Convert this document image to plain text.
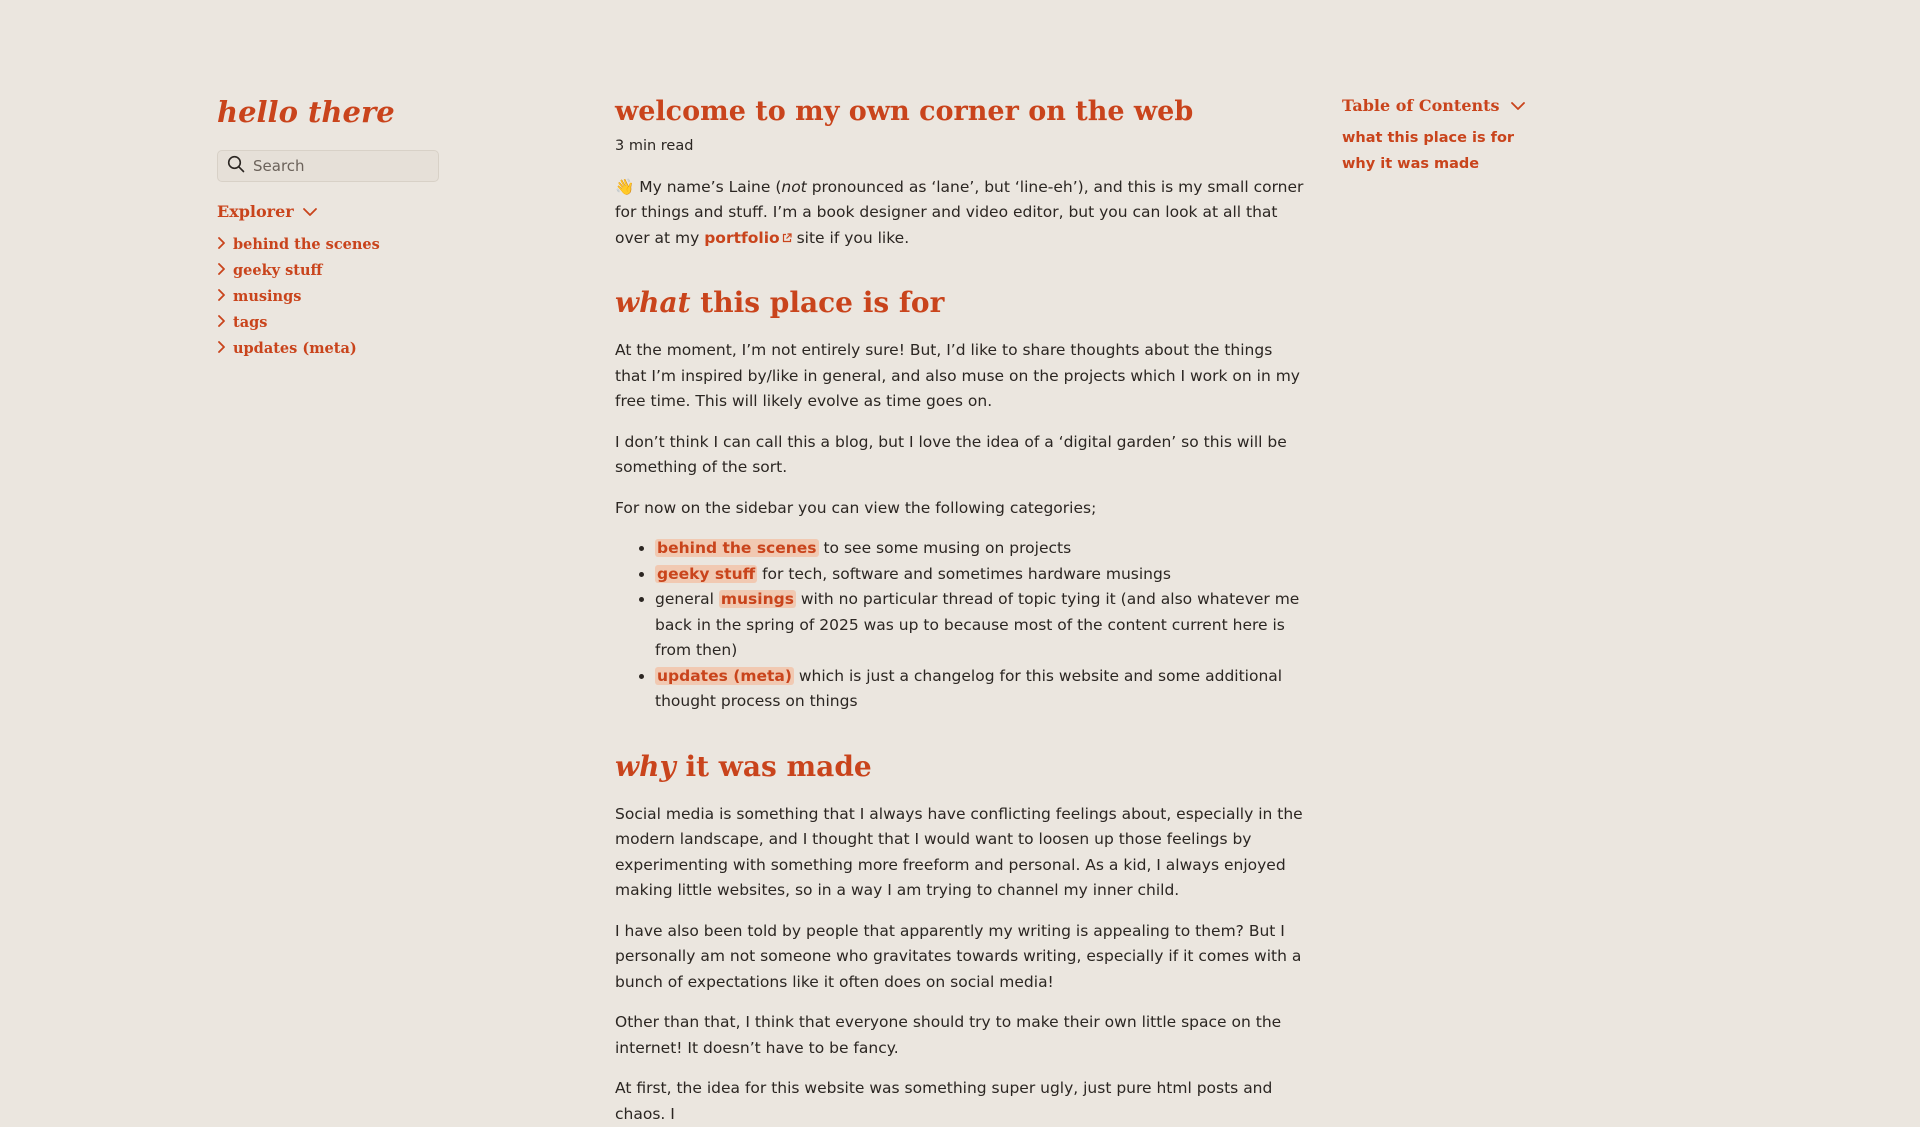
hello there
Search
Explorer
behind the scenes
geeky stuff
musings
tags
updates (meta)
welcome to my own corner on the web
3 min read

👋 My name’s Laine (not pronounced as ‘lane’, but ‘line-eh’), and this is my small corner for things and stuff. I’m a book designer and video editor, but you can look at all that over at my portfolio site if you like.

what this place is for

At the moment, I’m not entirely sure! But, I’d like to share thoughts about the things that I’m inspired by/like in general, and also muse on the projects which I work on in my free time. This will likely evolve as time goes on.

I don’t think I can call this a blog, but I love the idea of a ‘digital garden’ so this will be something of the sort.

For now on the sidebar you can view the following categories;

• behind the scenes to see some musing on projects
• geeky stuff for tech, software and sometimes hardware musings
• general musings with no particular thread of topic tying it (and also whatever me back in the spring of 2025 was up to because most of the content current here is from then)
• updates (meta) which is just a changelog for this website and some additional thought process on things
why it was made

Social media is something that I always have conflicting feelings about, especially in the modern landscape, and I thought that I would want to loosen up those feelings by experimenting with something more freeform and personal. As a kid, I always enjoyed making little websites, so in a way I am trying to channel my inner child.

I have also been told by people that apparently my writing is appealing to them? But I personally am not someone who gravitates towards writing, especially if it comes with a bunch of expectations like it often does on social media!

Other than that, I think that everyone should try to make their own little space on the internet! It doesn’t have to be fancy.

At first, the idea for this website was something super ugly, just pure html posts and chaos. I

Table of Contents
what this place is for
why it was made
